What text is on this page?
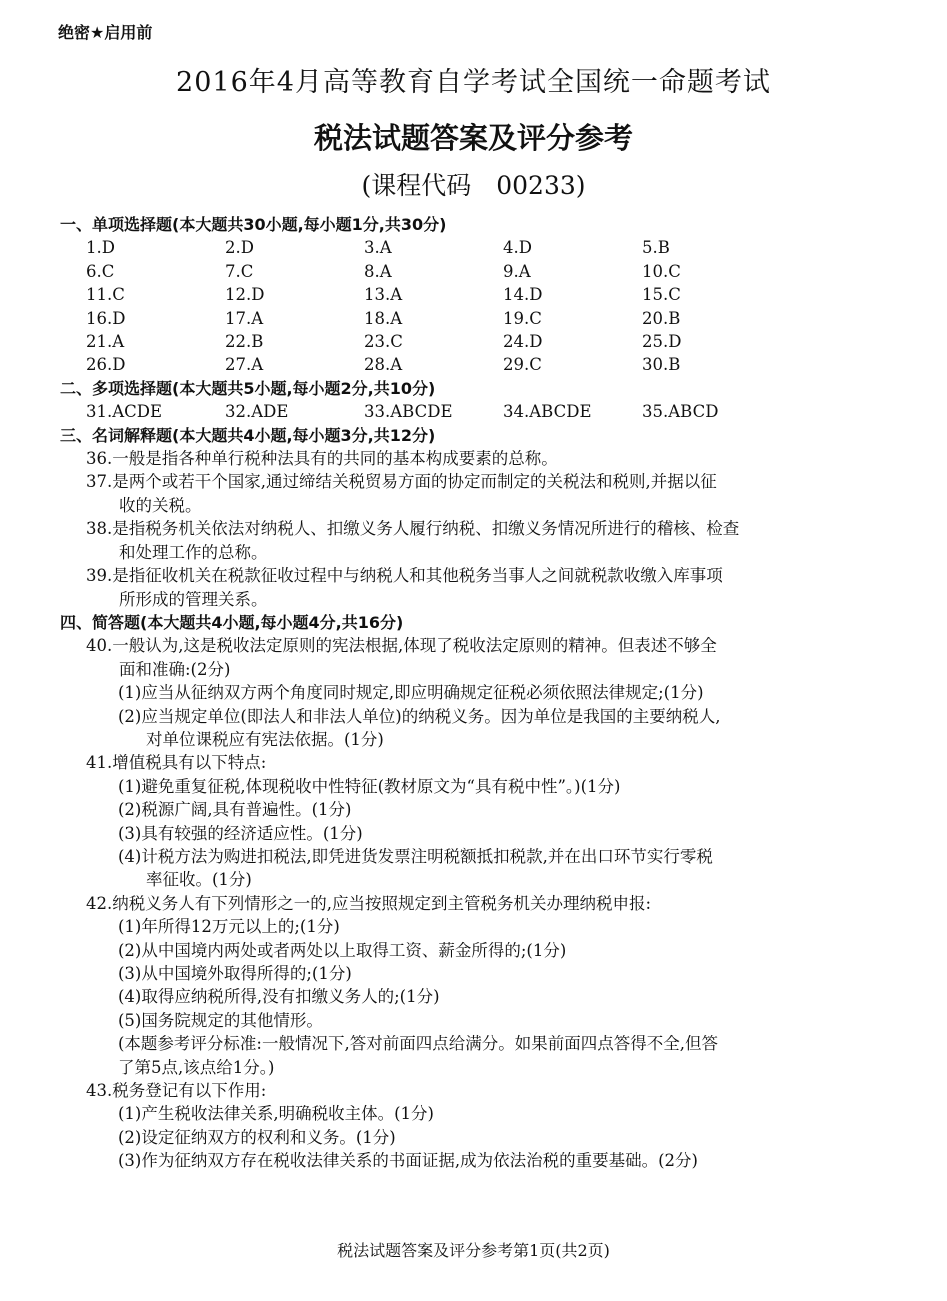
绝密★启用前
2016年4月高等教育自学考试全国统一命题考试
税法试题答案及评分参考
(课程代码　00233)
一、单项选择题(本大题共30小题,每小题1分,共30分)
1.D	2.D	3.A	4.D	5.B
6.C	7.C	8.A	9.A	10.C
11.C	12.D	13.A	14.D	15.C
16.D	17.A	18.A	19.C	20.B
21.A	22.B	23.C	24.D	25.D
26.D	27.A	28.A	29.C	30.B
二、多项选择题(本大题共5小题,每小题2分,共10分)
31.ACDE	32.ADE	33.ABCDE	34.ABCDE	35.ABCD
三、名词解释题(本大题共4小题,每小题3分,共12分)
36.一般是指各种单行税种法具有的共同的基本构成要素的总称。
37.是两个或若干个国家,通过缔结关税贸易方面的协定而制定的关税法和税则,并据以征
收的关税。
38.是指税务机关依法对纳税人、扣缴义务人履行纳税、扣缴义务情况所进行的稽核、检查
和处理工作的总称。
39.是指征收机关在税款征收过程中与纳税人和其他税务当事人之间就税款收缴入库事项
所形成的管理关系。
四、简答题(本大题共4小题,每小题4分,共16分)
40.一般认为,这是税收法定原则的宪法根据,体现了税收法定原则的精神。但表述不够全
面和准确:(2分)
(1)应当从征纳双方两个角度同时规定,即应明确规定征税必须依照法律规定;(1分)
(2)应当规定单位(即法人和非法人单位)的纳税义务。因为单位是我国的主要纳税人,
对单位课税应有宪法依据。(1分)
41.增值税具有以下特点:
(1)避免重复征税,体现税收中性特征(教材原文为“具有税中性”。)(1分)
(2)税源广阔,具有普遍性。(1分)
(3)具有较强的经济适应性。(1分)
(4)计税方法为购进扣税法,即凭进货发票注明税额抵扣税款,并在出口环节实行零税
率征收。(1分)
42.纳税义务人有下列情形之一的,应当按照规定到主管税务机关办理纳税申报:
(1)年所得12万元以上的;(1分)
(2)从中国境内两处或者两处以上取得工资、薪金所得的;(1分)
(3)从中国境外取得所得的;(1分)
(4)取得应纳税所得,没有扣缴义务人的;(1分)
(5)国务院规定的其他情形。
(本题参考评分标准:一般情况下,答对前面四点给满分。如果前面四点答得不全,但答
了第5点,该点给1分。)
43.税务登记有以下作用:
(1)产生税收法律关系,明确税收主体。(1分)
(2)设定征纳双方的权利和义务。(1分)
(3)作为征纳双方存在税收法律关系的书面证据,成为依法治税的重要基础。(2分)
税法试题答案及评分参考第1页(共2页)
